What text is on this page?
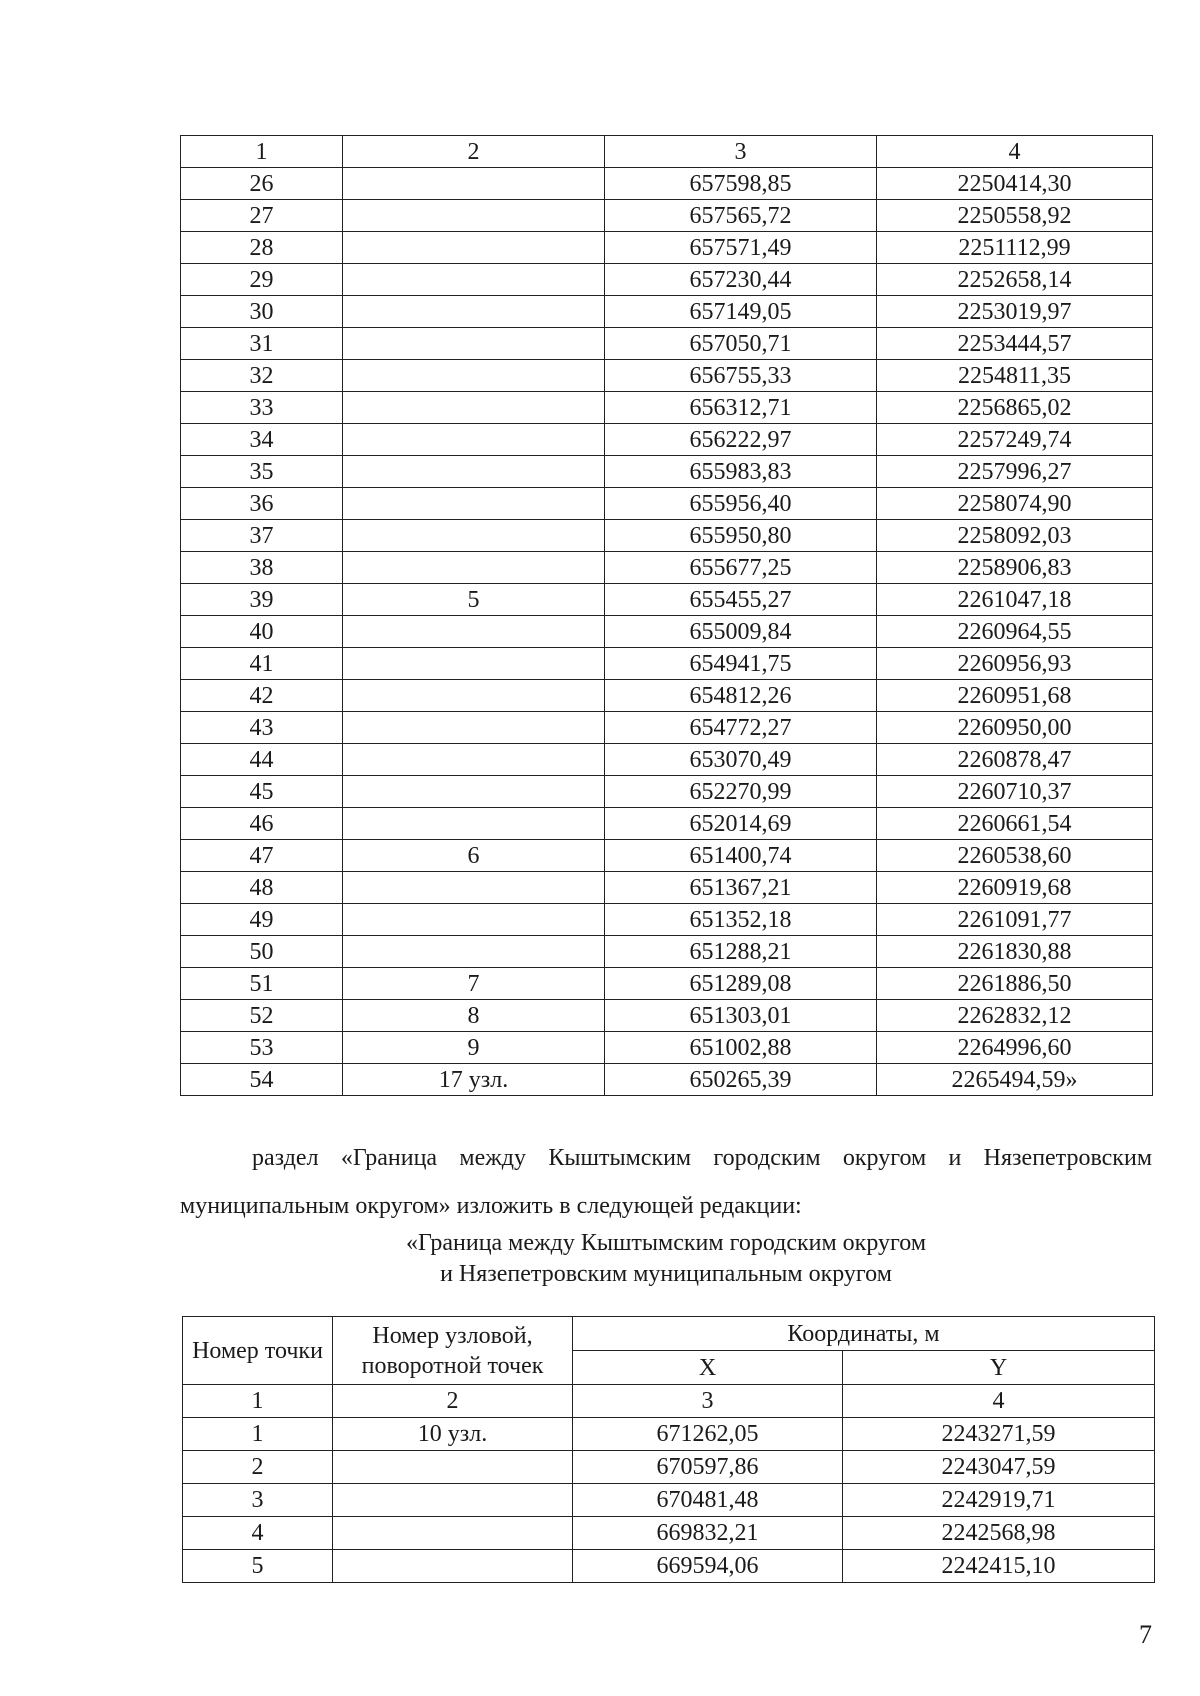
1	2	3	4
26		657598,85	2250414,30
27		657565,72	2250558,92
28		657571,49	2251112,99
29		657230,44	2252658,14
30		657149,05	2253019,97
31		657050,71	2253444,57
32		656755,33	2254811,35
33		656312,71	2256865,02
34		656222,97	2257249,74
35		655983,83	2257996,27
36		655956,40	2258074,90
37		655950,80	2258092,03
38		655677,25	2258906,83
39	5	655455,27	2261047,18
40		655009,84	2260964,55
41		654941,75	2260956,93
42		654812,26	2260951,68
43		654772,27	2260950,00
44		653070,49	2260878,47
45		652270,99	2260710,37
46		652014,69	2260661,54
47	6	651400,74	2260538,60
48		651367,21	2260919,68
49		651352,18	2261091,77
50		651288,21	2261830,88
51	7	651289,08	2261886,50
52	8	651303,01	2262832,12
53	9	651002,88	2264996,60
54	17 узл.	650265,39	2265494,59»

раздел «Граница между Кыштымским городским округом и Нязепетровским муниципальным округом» изложить в следующей редакции:

«Граница между Кыштымским городским округом
и Нязепетровским муниципальным округом
Номер точки	Номер узловой, поворотной точек	Координаты, м	
		X	Y
1	2	3	4
1	10 узл.	671262,05	2243271,59
2		670597,86	2243047,59
3		670481,48	2242919,71
4		669832,21	2242568,98
5		669594,06	2242415,10
7
